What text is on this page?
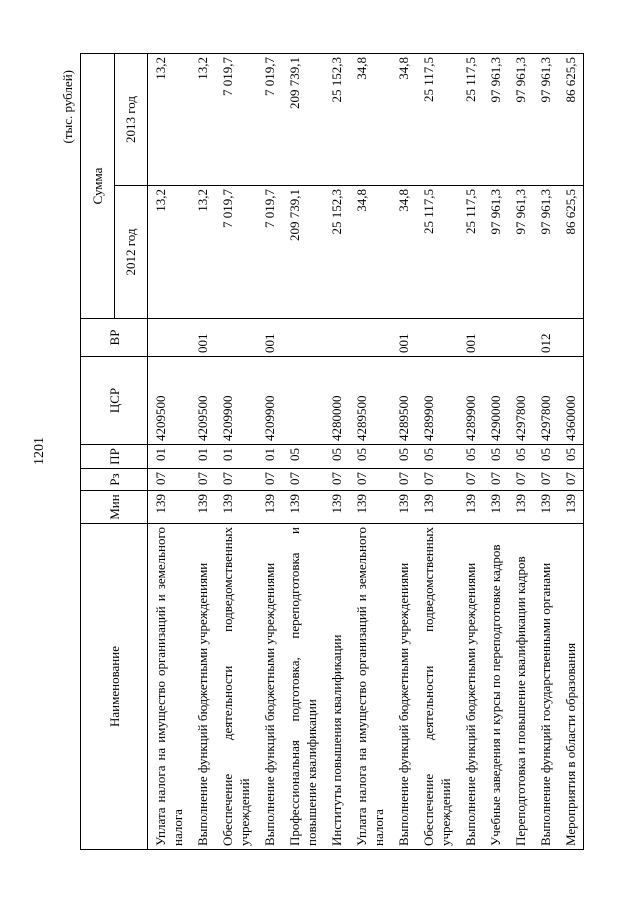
1201
(тыс. рублей)
Наименование	Мин	Рз	ПР	ЦСР	ВР	Сумма	
						2012 год	2013 год
Уплата налога на имущество организаций и земельного налога	139	07	01	4209500		13,2	13,2
Выполнение функций бюджетными учреждениями	139	07	01	4209500	001	13,2	13,2
Обеспечение деятельности подведомственных учреждений	139	07	01	4209900		7 019,7	7 019,7
Выполнение функций бюджетными учреждениями	139	07	01	4209900	001	7 019,7	7 019,7
Профессиональная подготовка, переподготовка и повышение квалификации	139	07	05			209 739,1	209 739,1
Институты повышения квалификации	139	07	05	4280000		25 152,3	25 152,3
Уплата налога на имущество организаций и земельного налога	139	07	05	4289500		34,8	34,8
Выполнение функций бюджетными учреждениями	139	07	05	4289500	001	34,8	34,8
Обеспечение деятельности подведомственных учреждений	139	07	05	4289900		25 117,5	25 117,5
Выполнение функций бюджетными учреждениями	139	07	05	4289900	001	25 117,5	25 117,5
Учебные заведения и курсы по переподготовке кадров	139	07	05	4290000		97 961,3	97 961,3
Переподготовка и повышение квалификации кадров	139	07	05	4297800		97 961,3	97 961,3
Выполнение функций государственными органами	139	07	05	4297800	012	97 961,3	97 961,3
Мероприятия в области образования	139	07	05	4360000		86 625,5	86 625,5
